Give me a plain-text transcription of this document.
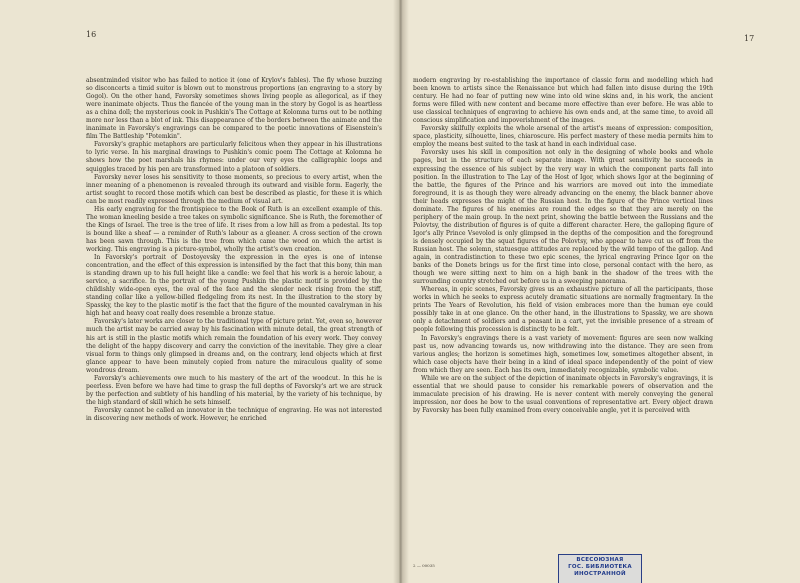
16

absentminded visitor who has failed to notice it (one of Krylov's fables). The fly whose buzzing so disconcerts a timid suitor is blown out to monstrous proportions (an engraving to a story by Gogol). On the other hand, Favorsky sometimes shows living people as allegorical, as if they were inanimate objects. Thus the fiancée of the young man in the story by Gogol is as heartless as a china doll; the mysterious cook in Pushkin's The Cottage at Kolomna turns out to be nothing more nor less than a blot of ink. This disappearance of the borders between the animate and the inanimate in Favorsky's engravings can be compared to the poetic innovations of Eisenstein's film The Battleship "Potemkin".

Favorsky's graphic metaphors are particularly felicitous when they appear in his illustrations to lyric verse. In his marginal drawings to Pushkin's comic poem The Cottage at Kolomna he shows how the poet marshals his rhymes: under our very eyes the calligraphic loops and squiggles traced by his pen are transformed into a platoon of soldiers.

Favorsky never loses his sensitivity to those moments, so precious to every artist, when the inner meaning of a phenomenon is revealed through its outward and visible form. Eagerly, the artist sought to record those motifs which can best be described as plastic, for these it is which can be most readily expressed through the medium of visual art.

His early engraving for the frontispiece to the Book of Ruth is an excellent example of this. The woman kneeling beside a tree takes on symbolic significance. She is Ruth, the foremother of the Kings of Israel. The tree is the tree of life. It rises from a low hill as from a pedestal. Its top is bound like a sheaf — a reminder of Ruth's labour as a gleaner. A cross section of the crown has been sawn through. This is the tree from which came the wood on which the artist is working. This engraving is a picture-symbol, wholly the artist's own creation.

In Favorsky's portrait of Dostoyevsky the expression in the eyes is one of intense concentration, and the effect of this expression is intensified by the fact that this bony, thin man is standing drawn up to his full height like a candle: we feel that his work is a heroic labour, a service, a sacrifice. In the portrait of the young Pushkin the plastic motif is provided by the childishly wide-open eyes, the oval of the face and the slender neck rising from the stiff, standing collar like a yellow-billed fledgeling from its nest. In the illustration to the story by Spassky, the key to the plastic motif is the fact that the figure of the mounted cavalryman in his high hat and heavy coat really does resemble a bronze statue.

Favorsky's later works are closer to the traditional type of picture print. Yet, even so, however much the artist may be carried away by his fascination with minute detail, the great strength of his art is still in the plastic motifs which remain the foundation of his every work. They convey the delight of the happy discovery and carry the conviction of the inevitable. They give a clear visual form to things only glimpsed in dreams and, on the contrary, lend objects which at first glance appear to have been minutely copied from nature the miraculous quality of some wondrous dream.

Favorsky's achievements owe much to his mastery of the art of the woodcut. In this he is peerless. Even before we have had time to grasp the full depths of Favorsky's art we are struck by the perfection and subtlety of his handling of his material, by the variety of his technique, by the high standard of skill which he sets himself.

Favorsky cannot be called an innovator in the technique of engraving. He was not interested in discovering new methods of work. However, he enriched

17

modern engraving by re-establishing the importance of classic form and modelling which had been known to artists since the Renaissance but which had fallen into disuse during the 19th century. He had no fear of putting new wine into old wine skins and, in his work, the ancient forms were filled with new content and became more effective than ever before. He was able to use classical techniques of engraving to achieve his own ends and, at the same time, to avoid all conscious simplification and impoverishment of the images.

Favorsky skilfully exploits the whole arsenal of the artist's means of expression: composition, space, plasticity, silhouette, lines, chiaroscure. His perfect mastery of these media permits him to employ the means best suited to the task at hand in each individual case.

Favorsky uses his skill in composition not only in the designing of whole books and whole pages, but in the structure of each separate image. With great sensitivity he succeeds in expressing the essence of his subject by the very way in which the component parts fall into position. In the illustration to The Lay of the Host of Igor, which shows Igor at the beginning of the battle, the figures of the Prince and his warriors are moved out into the immediate foreground, it is as though they were already advancing on the enemy, the black banner above their heads expresses the might of the Russian host. In the figure of the Prince vertical lines dominate. The figures of his enemies are round the edges so that they are merely on the periphery of the main group. In the next print, showing the battle between the Russians and the Polovtsy, the distribution of figures is of quite a different character. Here, the galloping figure of Igor's ally Prince Vsevolod is only glimpsed in the depths of the composition and the foreground is densely occupied by the squat figures of the Polovtsy, who appear to have cut us off from the Russian host. The solemn, statuesque attitudes are replaced by the wild tempo of the gallop. And again, in contradistinction to these two epic scenes, the lyrical engraving Prince Igor on the banks of the Donets brings us for the first time into close, personal contact with the hero, as though we were sitting next to him on a high bank in the shadow of the trees with the surrounding country stretched out before us in a sweeping panorama.

Whereas, in epic scenes, Favorsky gives us an exhaustive picture of all the participants, those works in which he seeks to express acutely dramatic situations are normally fragmentary. In the prints The Years of Revolution, his field of vision embraces more than the human eye could possibly take in at one glance. On the other hand, in the illustrations to Spassky, we are shown only a detachment of soldiers and a peasant in a cart, yet the invisible presence of a stream of people following this procession is distinctly to be felt.

In Favorsky's engravings there is a vast variety of movement: figures are seen now walking past us, now advancing towards us, now withdrawing into the distance. They are seen from various angles; the horizon is sometimes high, sometimes low, sometimes altogether absent, in which case objects have their being in a kind of ideal space independently of the point of view from which they are seen. Each has its own, immediately recognizable, symbolic value.

While we are on the subject of the depiction of inanimate objects in Favorsky's engravings, it is essential that we should pause to consider his remarkable powers of observation and the immaculate precision of his drawing. He is never content with merely conveying the general impression, nor does he bow to the usual conventions of representative art. Every object drawn by Favorsky has been fully examined from every conceivable angle, yet it is perceived with

2 — 00035
ВСЕСОЮЗНАЯ
ГОС. БИБЛИОТЕКА
ИНОСТРАННОЙ
